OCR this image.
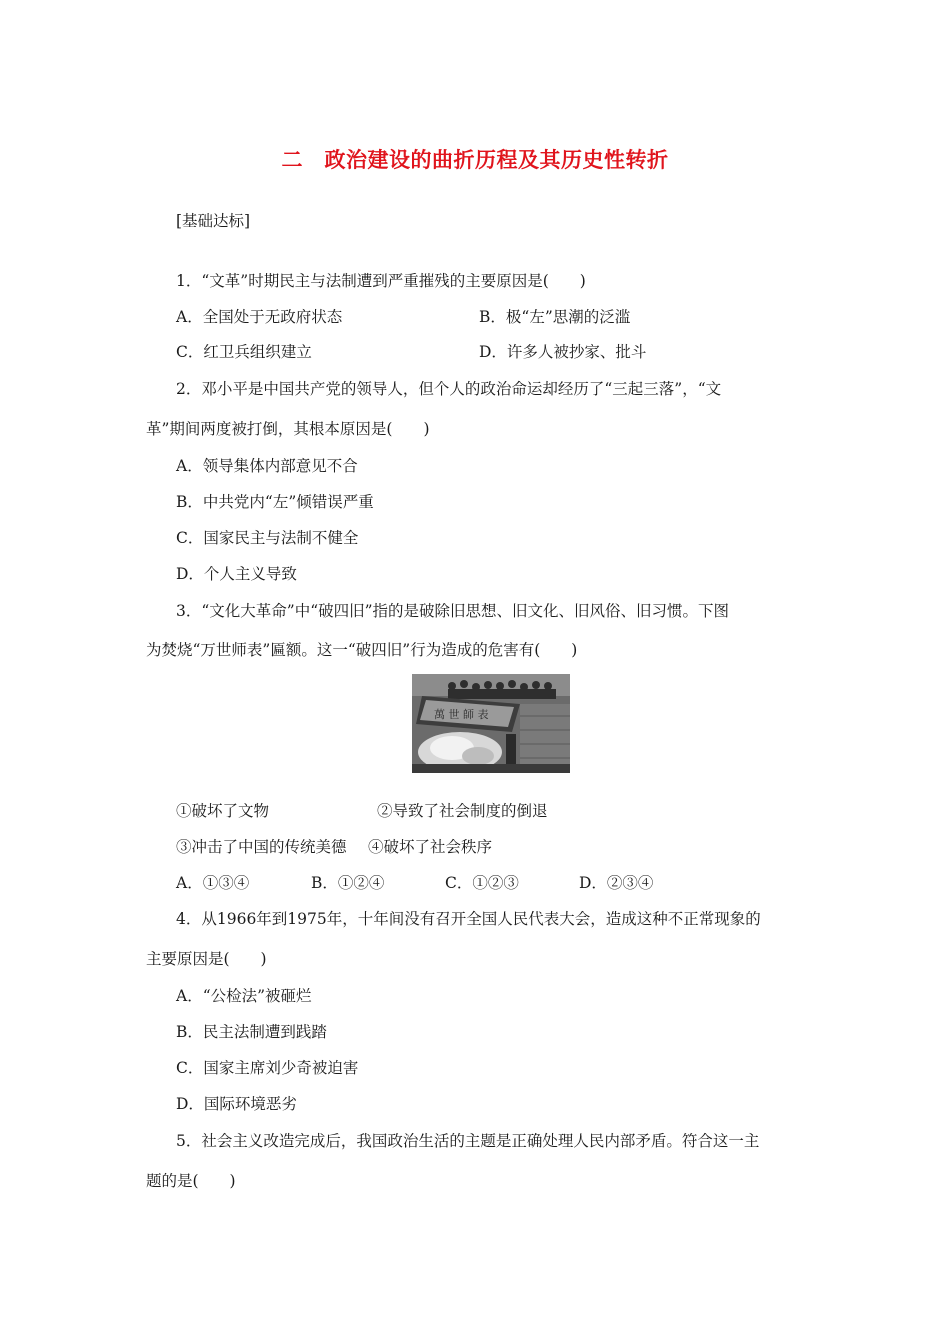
二　政治建设的曲折历程及其历史性转折
[基础达标]
1．“文革”时期民主与法制遭到严重摧残的主要原因是(　　)
A．全国处于无政府状态	B．极“左”思潮的泛滥
C．红卫兵组织建立	D．许多人被抄家、批斗
2．邓小平是中国共产党的领导人，但个人的政治命运却经历了“三起三落”，“文
革”期间两度被打倒，其根本原因是(　　)
A．领导集体内部意见不合
B．中共党内“左”倾错误严重
C．国家民主与法制不健全
D．个人主义导致
3．“文化大革命”中“破四旧”指的是破除旧思想、旧文化、旧风俗、旧习惯。下图
为焚烧“万世师表”匾额。这一“破四旧”行为造成的危害有(　　)
萬 世 師 表
①破坏了文物	②导致了社会制度的倒退
③冲击了中国的传统美德 ④破坏了社会秩序
A．①③④	B．①②④	C．①②③	D．②③④
4．从1966年到1975年，十年间没有召开全国人民代表大会，造成这种不正常现象的
主要原因是(　　)
A．“公检法”被砸烂
B．民主法制遭到践踏
C．国家主席刘少奇被迫害
D．国际环境恶劣
5．社会主义改造完成后，我国政治生活的主题是正确处理人民内部矛盾。符合这一主
题的是(　　)
